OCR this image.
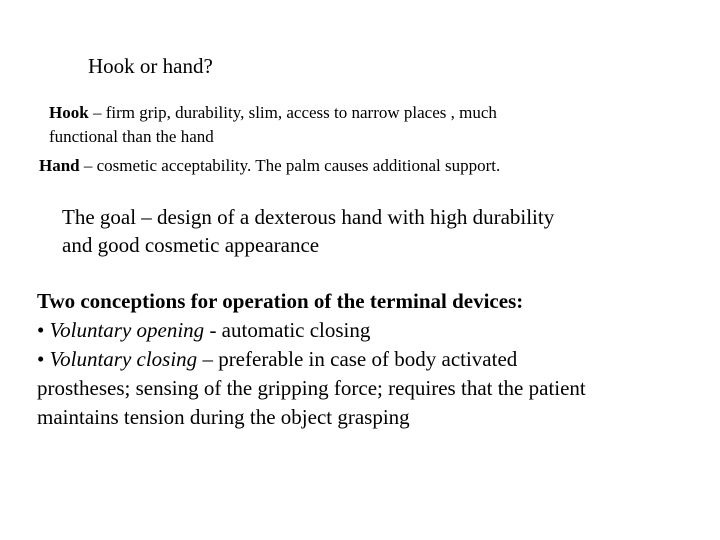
Hook or hand?
Hook – firm grip, durability, slim, access to narrow places , much
functional than the hand
Hand – cosmetic acceptability. The palm causes additional support.
The goal – design of a dexterous hand with high durability
and good cosmetic appearance
Two conceptions for operation of the terminal devices:
• Voluntary opening - automatic closing
• Voluntary closing – preferable in case of body activated
prostheses; sensing of the gripping force; requires that the patient
maintains tension during the object grasping
